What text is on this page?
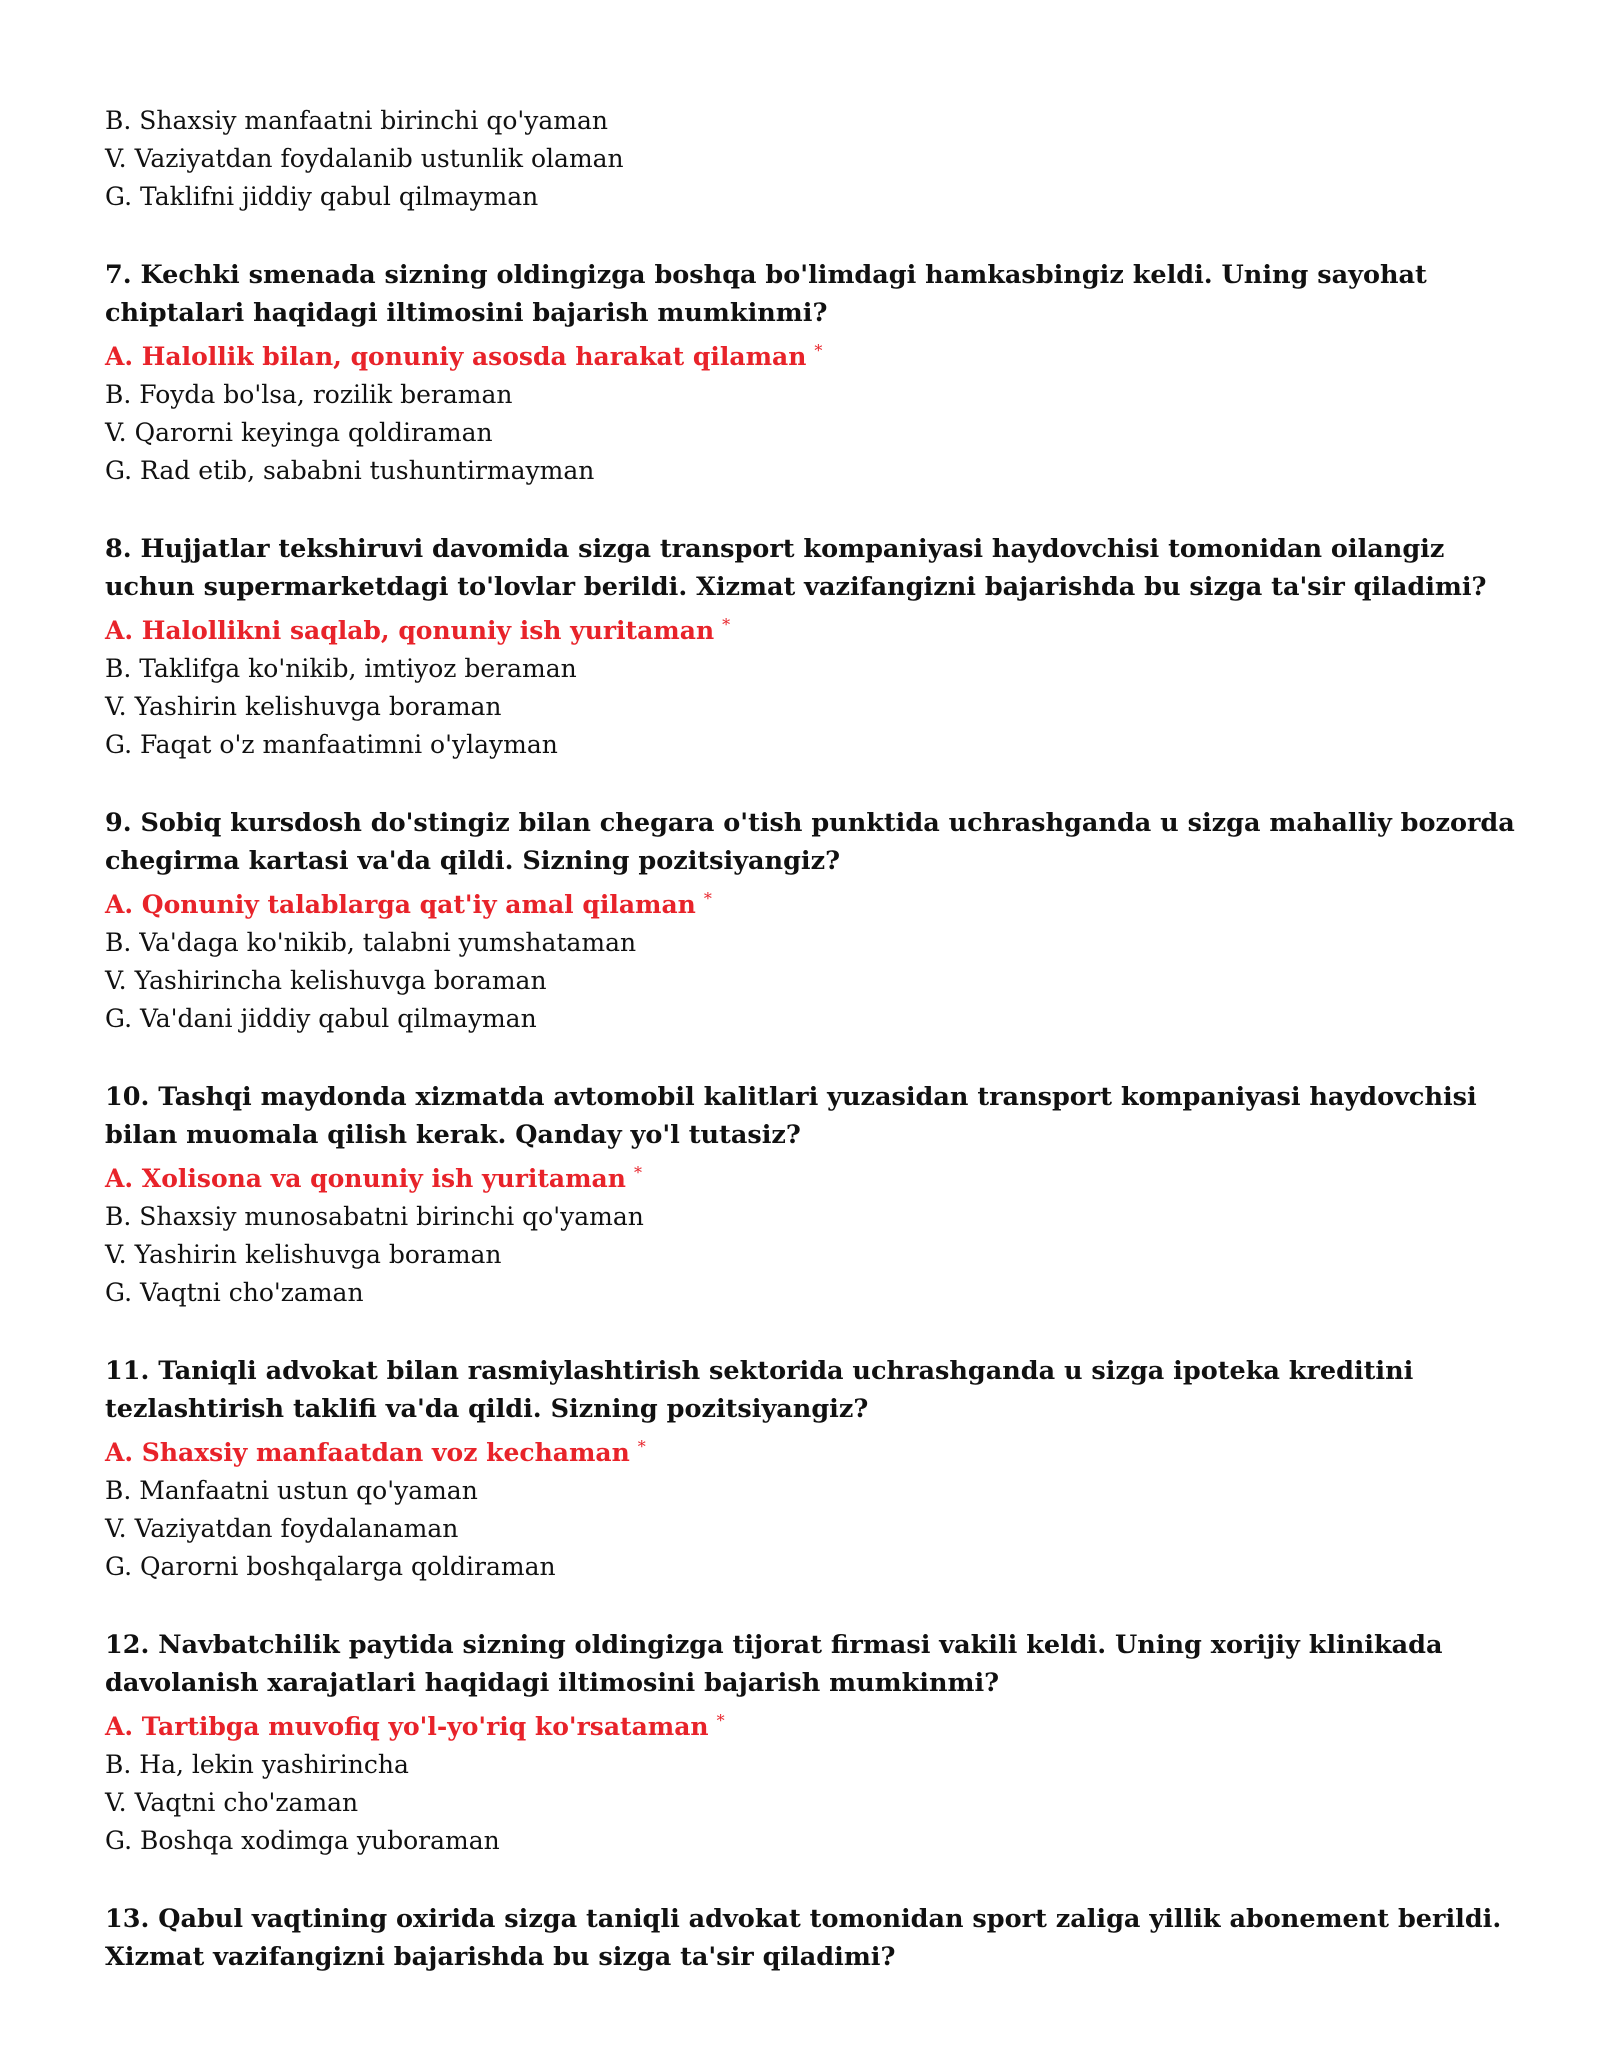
B. Shaxsiy manfaatni birinchi qo'yaman
V. Vaziyatdan foydalanib ustunlik olaman
G. Taklifni jiddiy qabul qilmayman
7. Kechki smenada sizning oldingizga boshqa bo'limdagi hamkasbingiz keldi. Uning sayohat chiptalari haqidagi iltimosini bajarish mumkinmi?
A. Halollik bilan, qonuniy asosda harakat qilaman *
B. Foyda bo'lsa, rozilik beraman
V. Qarorni keyinga qoldiraman
G. Rad etib, sababni tushuntirmayman
8. Hujjatlar tekshiruvi davomida sizga transport kompaniyasi haydovchisi tomonidan oilangiz uchun supermarketdagi to'lovlar berildi. Xizmat vazifangizni bajarishda bu sizga ta'sir qiladimi?
A. Halollikni saqlab, qonuniy ish yuritaman *
B. Taklifga ko'nikib, imtiyoz beraman
V. Yashirin kelishuvga boraman
G. Faqat o'z manfaatimni o'ylayman
9. Sobiq kursdosh do'stingiz bilan chegara o'tish punktida uchrashganda u sizga mahalliy bozorda chegirma kartasi va'da qildi. Sizning pozitsiyangiz?
A. Qonuniy talablarga qat'iy amal qilaman *
B. Va'daga ko'nikib, talabni yumshataman
V. Yashirincha kelishuvga boraman
G. Va'dani jiddiy qabul qilmayman
10. Tashqi maydonda xizmatda avtomobil kalitlari yuzasidan transport kompaniyasi haydovchisi bilan muomala qilish kerak. Qanday yo'l tutasiz?
A. Xolisona va qonuniy ish yuritaman *
B. Shaxsiy munosabatni birinchi qo'yaman
V. Yashirin kelishuvga boraman
G. Vaqtni cho'zaman
11. Taniqli advokat bilan rasmiylashtirish sektorida uchrashganda u sizga ipoteka kreditini tezlashtirish taklifi va'da qildi. Sizning pozitsiyangiz?
A. Shaxsiy manfaatdan voz kechaman *
B. Manfaatni ustun qo'yaman
V. Vaziyatdan foydalanaman
G. Qarorni boshqalarga qoldiraman
12. Navbatchilik paytida sizning oldingizga tijorat firmasi vakili keldi. Uning xorijiy klinikada davolanish xarajatlari haqidagi iltimosini bajarish mumkinmi?
A. Tartibga muvofiq yo'l-yo'riq ko'rsataman *
B. Ha, lekin yashirincha
V. Vaqtni cho'zaman
G. Boshqa xodimga yuboraman
13. Qabul vaqtining oxirida sizga taniqli advokat tomonidan sport zaliga yillik abonement berildi. Xizmat vazifangizni bajarishda bu sizga ta'sir qiladimi?
